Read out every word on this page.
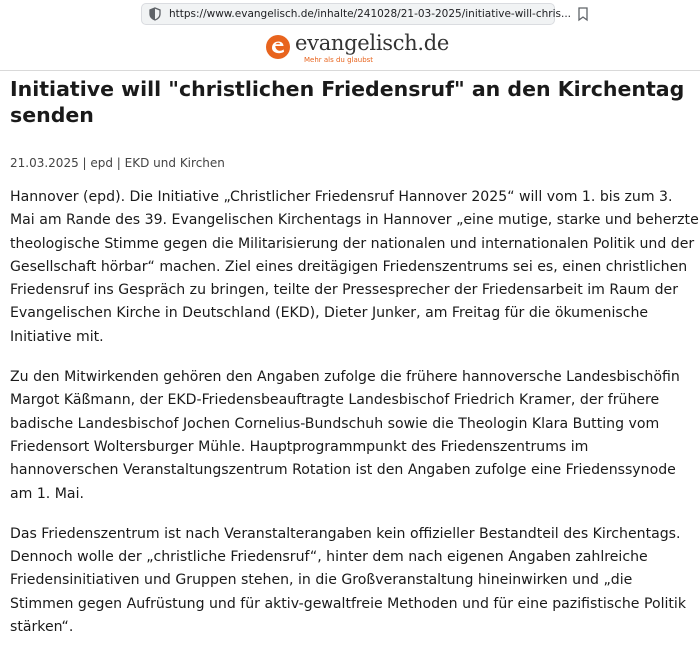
https://www.evangelisch.de/inhalte/241028/21-03-2025/initiative-will-chris...
evangelisch.de
Mehr als du glaubst
Initiative will "christlichen Friedensruf" an den Kirchentag senden
21.03.2025 | epd | EKD und Kirchen

Hannover (epd). Die Initiative „Christlicher Friedensruf Hannover 2025“ will vom 1. bis zum 3. Mai am Rande des 39. Evangelischen Kirchentags in Hannover „eine mutige, starke und beherzte theologische Stimme gegen die Militarisierung der nationalen und internationalen Politik und der Gesellschaft hörbar“ machen. Ziel eines dreitägigen Friedenszentrums sei es, einen christlichen Friedensruf ins Gespräch zu bringen, teilte der Pressesprecher der Friedensarbeit im Raum der Evangelischen Kirche in Deutschland (EKD), Dieter Junker, am Freitag für die ökumenische Initiative mit.

Zu den Mitwirkenden gehören den Angaben zufolge die frühere hannoversche Landesbischöfin Margot Käßmann, der EKD-Friedensbeauftragte Landesbischof Friedrich Kramer, der frühere badische Landesbischof Jochen Cornelius-Bundschuh sowie die Theologin Klara Butting vom Friedensort Woltersburger Mühle. Hauptprogrammpunkt des Friedenszentrums im hannoverschen Veranstaltungszentrum Rotation ist den Angaben zufolge eine Friedenssynode am 1. Mai.

Das Friedenszentrum ist nach Veranstalterangaben kein offizieller Bestandteil des Kirchentags. Dennoch wolle der „christliche Friedensruf“, hinter dem nach eigenen Angaben zahlreiche Friedensinitiativen und Gruppen stehen, in die Großveranstaltung hineinwirken und „die Stimmen gegen Aufrüstung und für aktiv-gewaltfreie Methoden und für eine pazifistische Politik stärken“.
